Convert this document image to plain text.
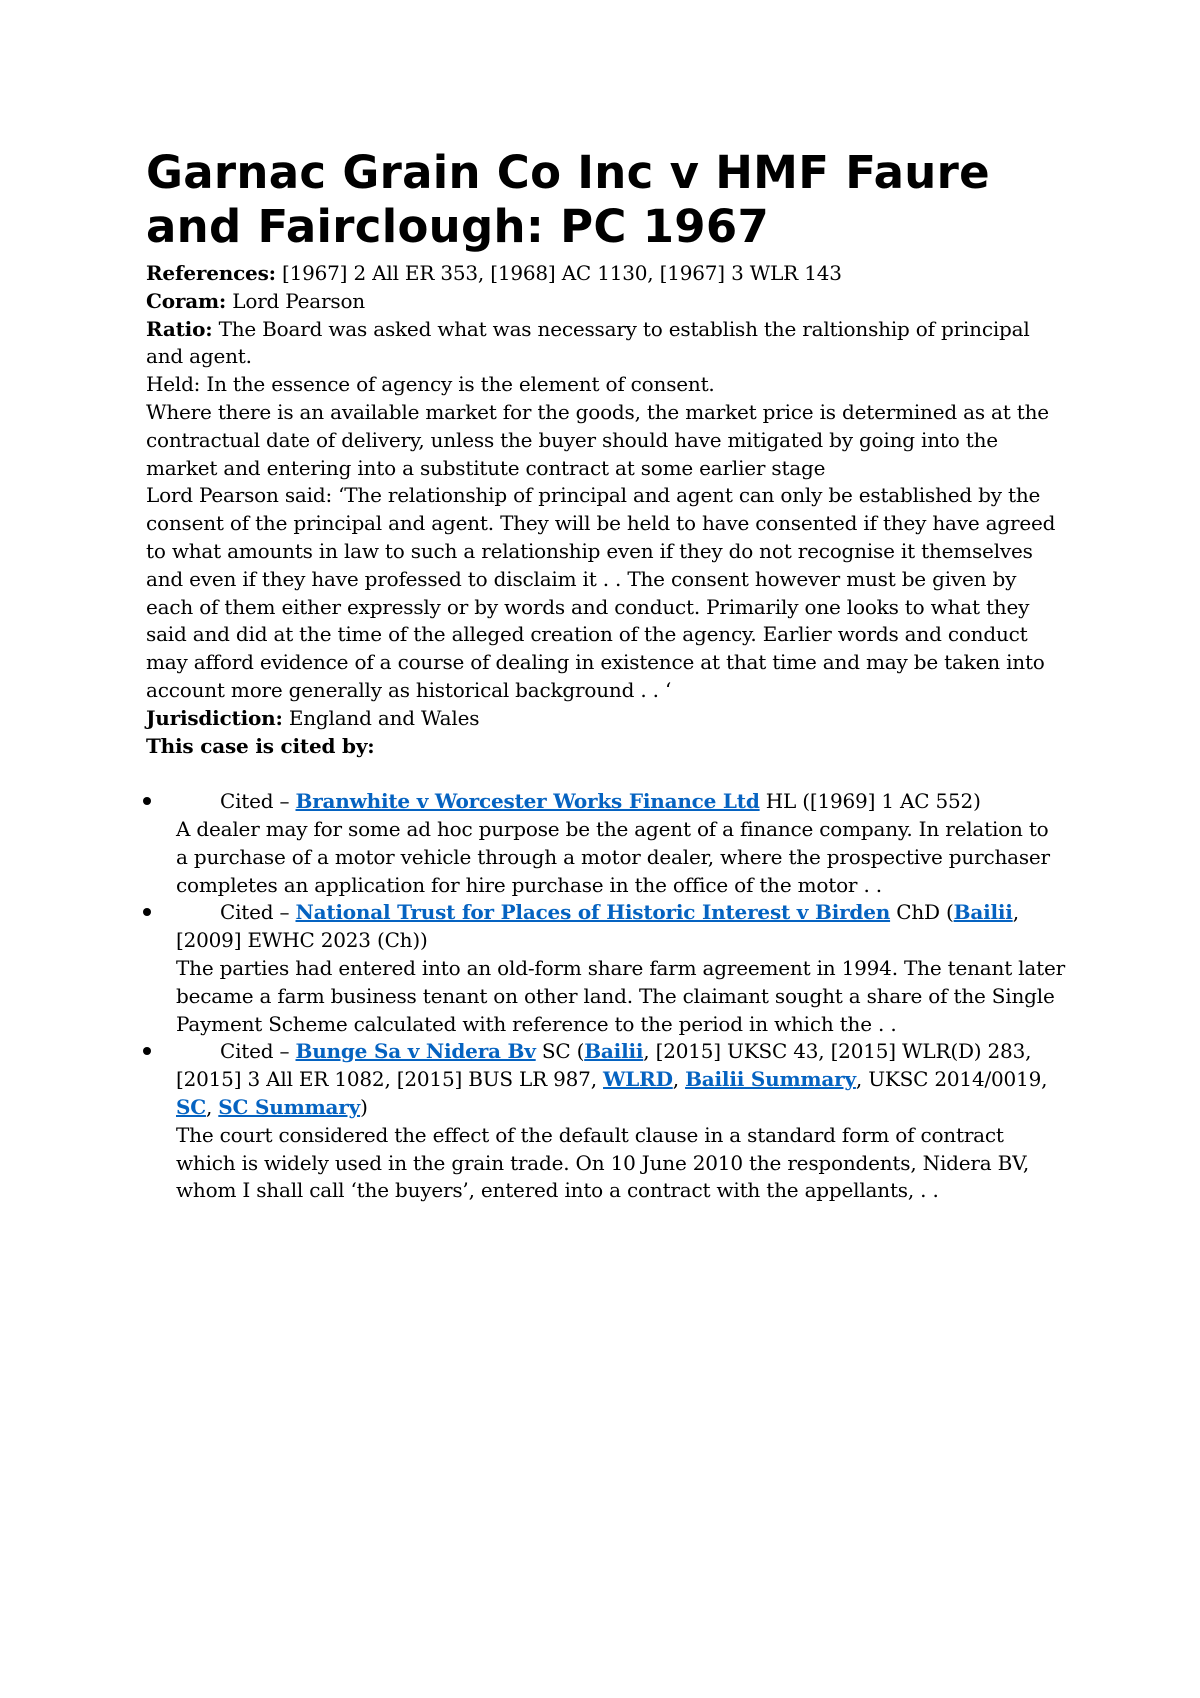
Garnac Grain Co Inc v HMF Faure and Fairclough: PC 1967

References: [1967] 2 All ER 353, [1968] AC 1130, [1967] 3 WLR 143

Coram: Lord Pearson

Ratio: The Board was asked what was necessary to establish the raltionship of principal and agent.

Held: In the essence of agency is the element of consent.

Where there is an available market for the goods, the market price is determined as at the contractual date of delivery, unless the buyer should have mitigated by going into the market and entering into a substitute contract at some earlier stage

Lord Pearson said: ‘The relationship of principal and agent can only be established by the consent of the principal and agent. They will be held to have consented if they have agreed to what amounts in law to such a relationship even if they do not recognise it themselves and even if they have professed to disclaim it . . The consent however must be given by each of them either expressly or by words and conduct. Primarily one looks to what they said and did at the time of the alleged creation of the agency. Earlier words and conduct may afford evidence of a course of dealing in existence at that time and may be taken into account more generally as historical background . . ‘

Jurisdiction: England and Wales

This case is cited by:

Cited – Branwhite v Worcester Works Finance Ltd HL ([1969] 1 AC 552)

A dealer may for some ad hoc purpose be the agent of a finance company. In relation to a purchase of a motor vehicle through a motor dealer, where the prospective purchaser completes an application for hire purchase in the office of the motor . .

Cited – National Trust for Places of Historic Interest v Birden ChD (Bailii, [2009] EWHC 2023 (Ch))

The parties had entered into an old-form share farm agreement in 1994. The tenant later became a farm business tenant on other land. The claimant sought a share of the Single Payment Scheme calculated with reference to the period in which the . .

Cited – Bunge Sa v Nidera Bv SC (Bailii, [2015] UKSC 43, [2015] WLR(D) 283, [2015] 3 All ER 1082, [2015] BUS LR 987, WLRD, Bailii Summary, UKSC 2014/0019, SC, SC Summary)

The court considered the effect of the default clause in a standard form of contract which is widely used in the grain trade. On 10 June 2010 the respondents, Nidera BV, whom I shall call ‘the buyers’, entered into a contract with the appellants, . .
